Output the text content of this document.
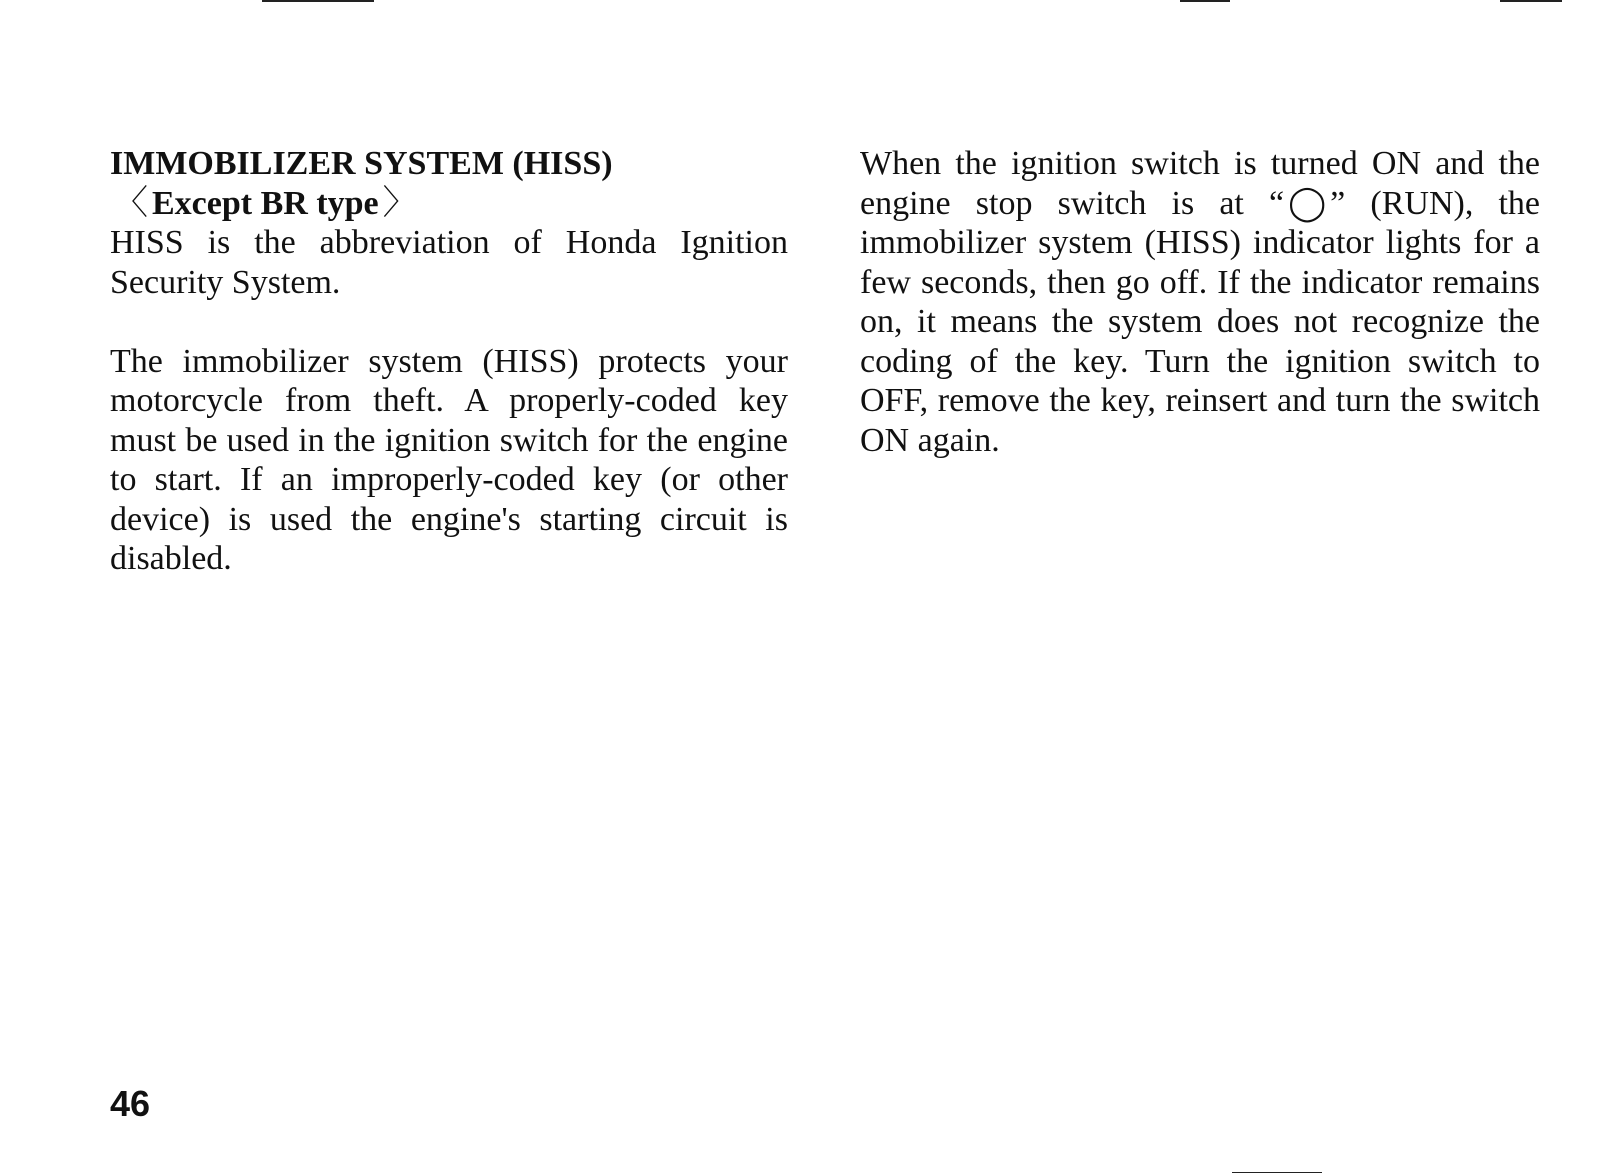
IMMOBILIZER SYSTEM (HISS)
〈 Except BR type 〉

HISS is the abbreviation of Honda Ignition Security System.

The immobilizer system (HISS) protects your motorcycle from theft. A properly-coded key must be used in the ignition switch for the engine to start. If an improperly-coded key (or other device) is used the engine's starting circuit is disabled.

When the ignition switch is turned ON and the engine stop switch is at “ ◯ ” (RUN), the immobilizer system (HISS) indicator lights for a few seconds, then go off. If the indicator remains on, it means the system does not recognize the coding of the key. Turn the ignition switch to OFF, remove the key, reinsert and turn the switch ON again.

46
